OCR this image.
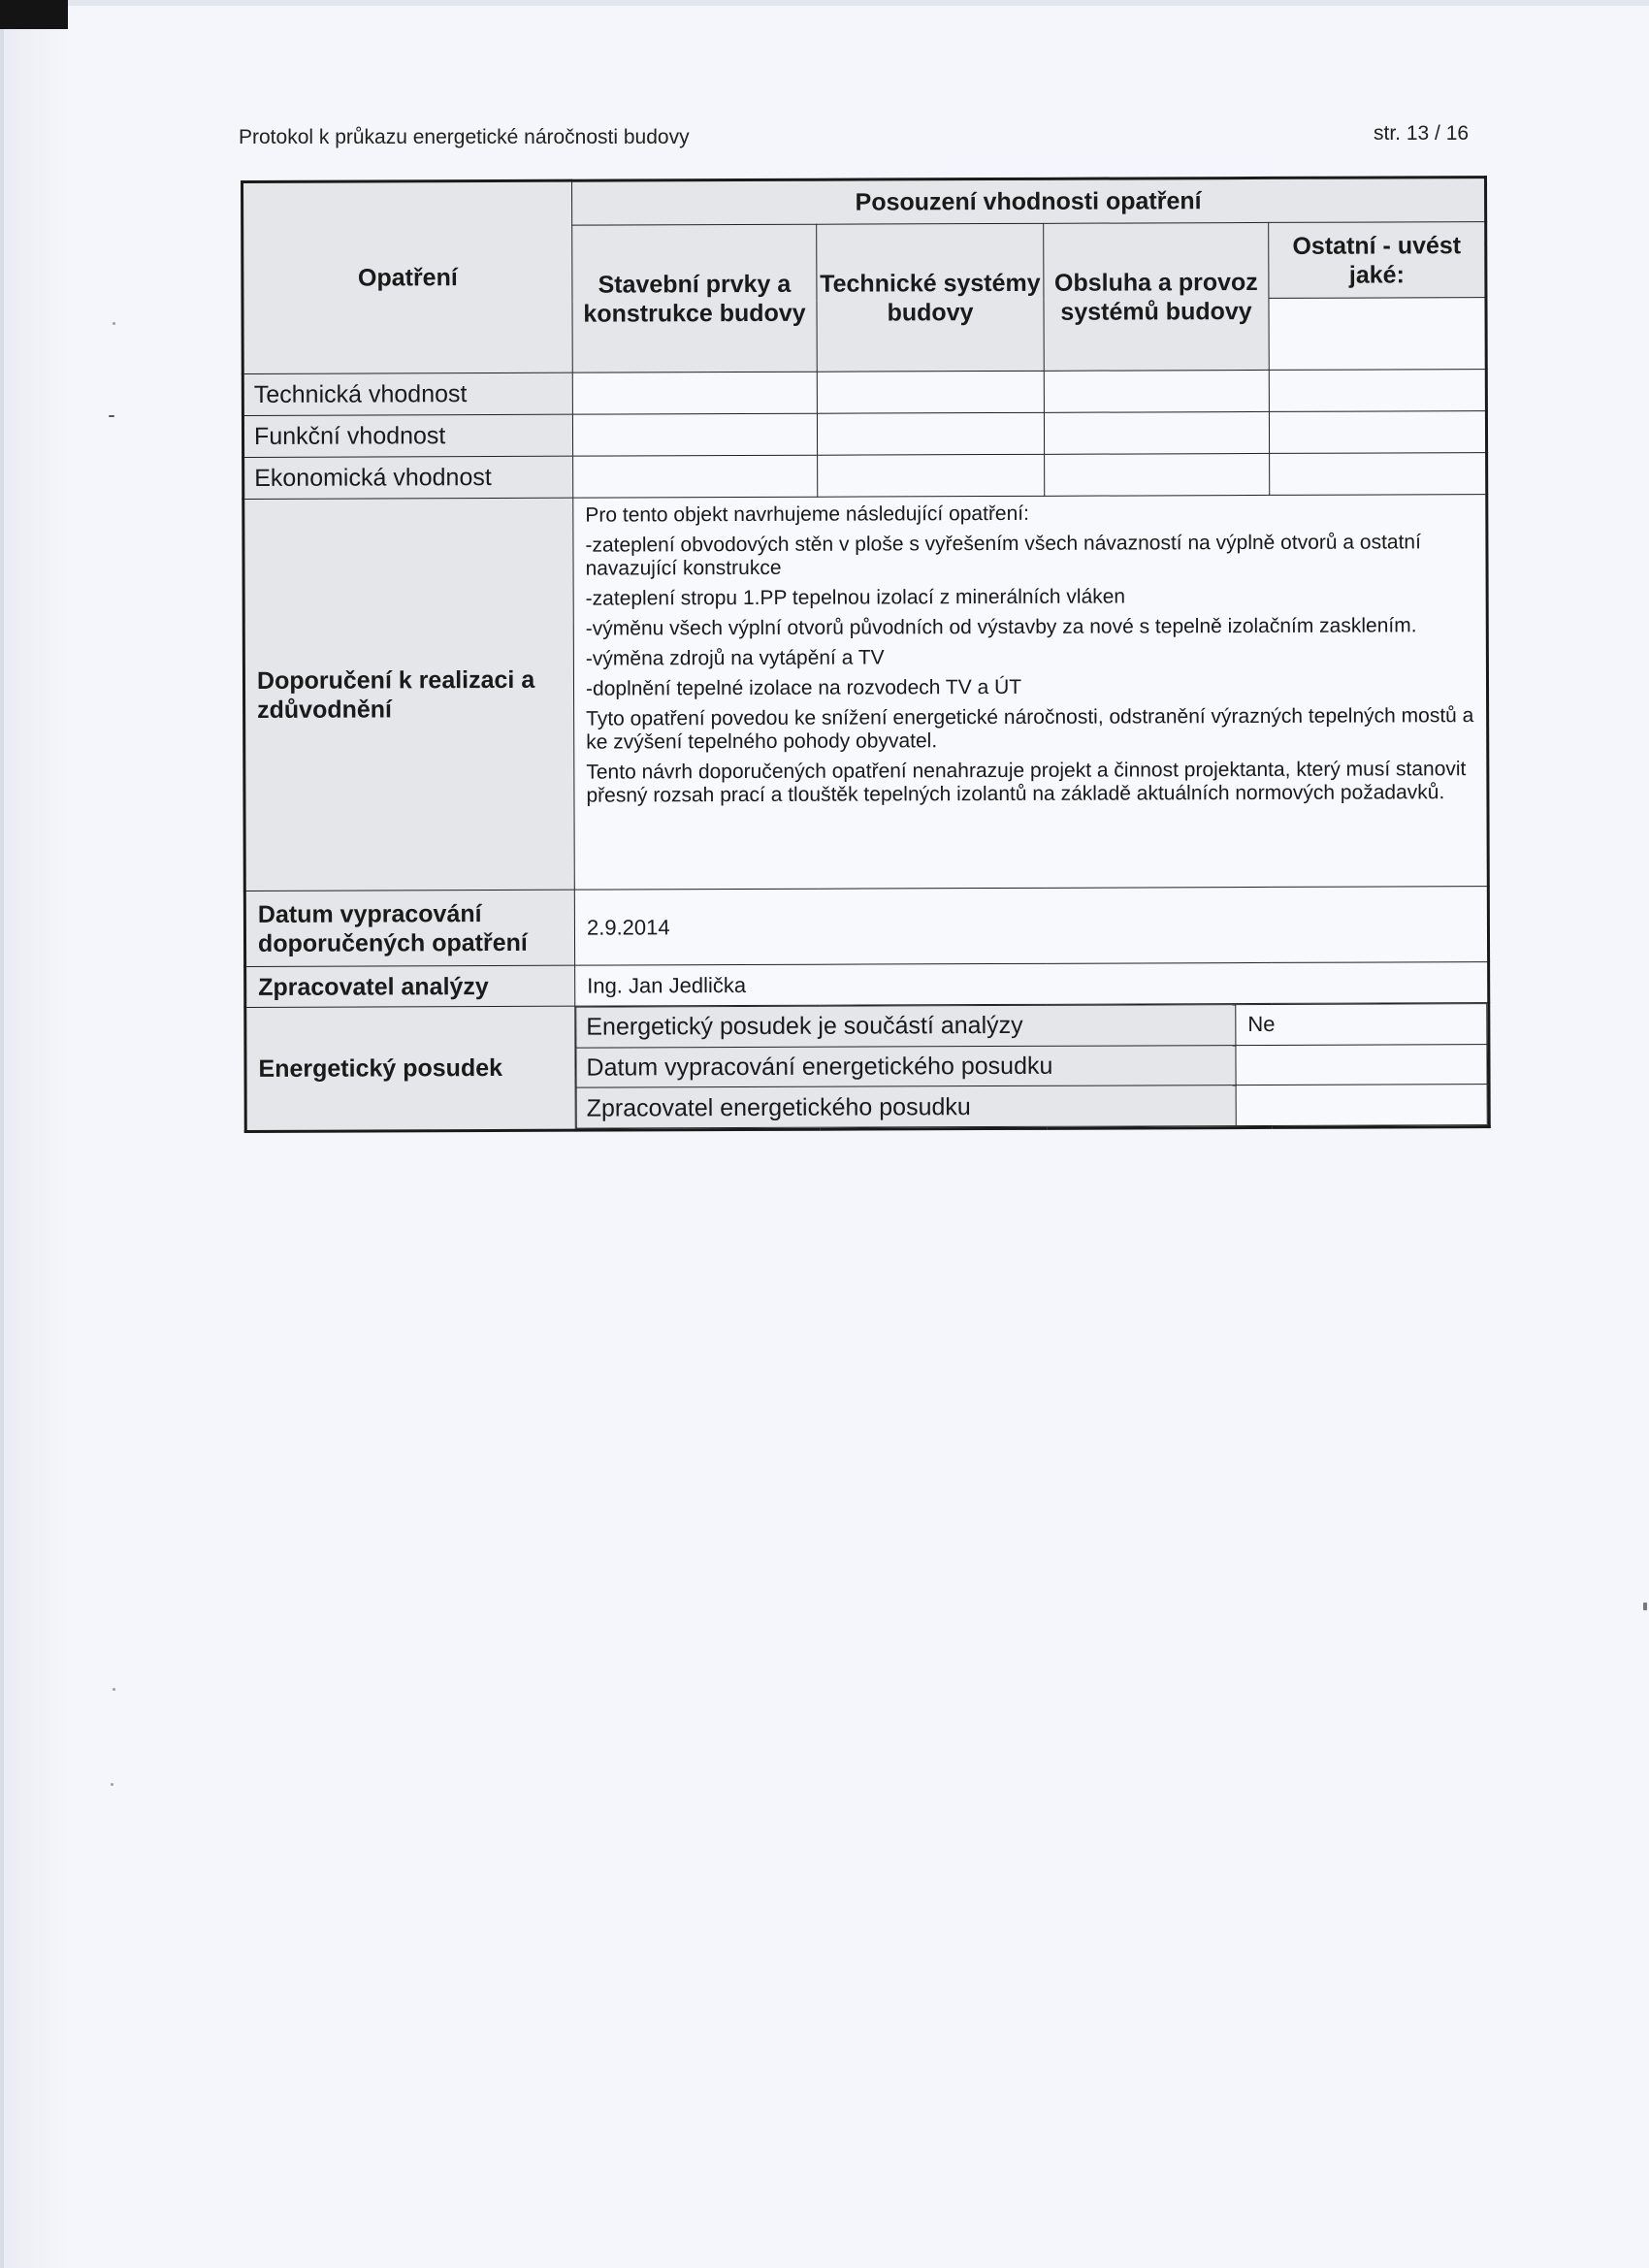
Protokol k průkazu energetické náročnosti budovy	str. 13 / 16
Opatření	Posouzení vhodnosti opatření
Stavební prvky a konstrukce budovy	Technické systémy budovy	Obsluha a provoz systémů budovy	Ostatní - uvést jaké:

Technická vhodnost				
Funkční vhodnost				
Ekonomická vhodnost				
Doporučení k realizaci a zdůvodnění	

Pro tento objekt navrhujeme následující opatření:

-zateplení obvodových stěn v ploše s vyřešením všech návazností na výplně otvorů a ostatní navazující konstrukce

-zateplení stropu 1.PP tepelnou izolací z minerálních vláken

-výměnu všech výplní otvorů původních od výstavby za nové s tepelně izolačním zasklením.

-výměna zdrojů na vytápění a TV

-doplnění tepelné izolace na rozvodech TV a ÚT

Tyto opatření povedou ke snížení energetické náročnosti, odstranění výrazných tepelných mostů a ke zvýšení tepelného pohody obyvatel.

Tento návrh doporučených opatření nenahrazuje projekt a činnost projektanta, který musí stanovit přesný rozsah prací a tlouštěk tepelných izolantů na základě aktuálních normových požadavků.

Datum vypracování doporučených opatření	2.9.2014
Zpracovatel analýzy	Ing. Jan Jedlička
Energetický posudek	
Energetický posudek je součástí analýzy	Ne
Datum vypracování energetického posudku	
Zpracovatel energetického posudku	
